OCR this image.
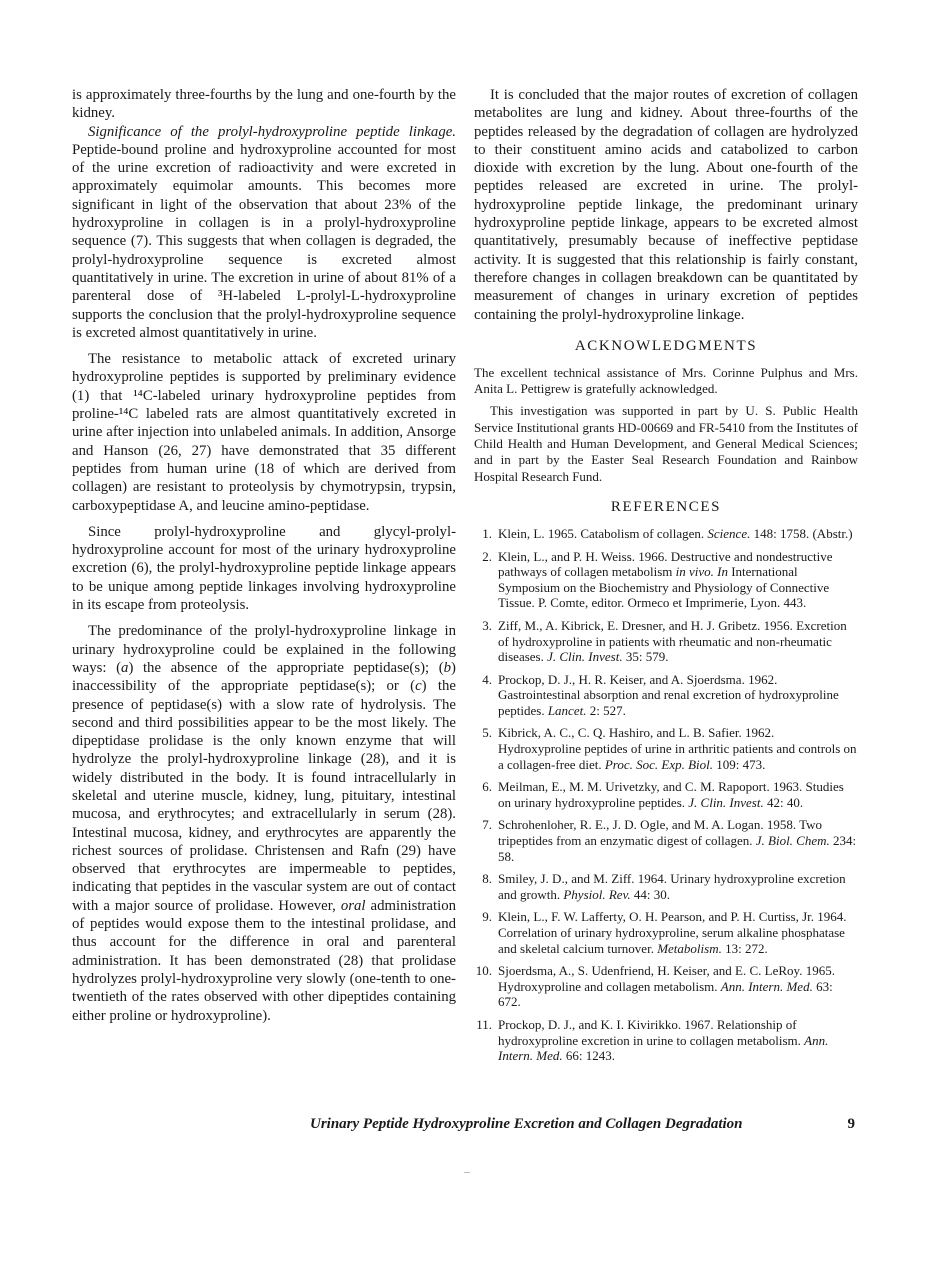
is approximately three-fourths by the lung and one-fourth by the kidney.

Significance of the prolyl-hydroxyproline peptide linkage. Peptide-bound proline and hydroxyproline accounted for most of the urine excretion of radioactivity and were excreted in approximately equimolar amounts. This becomes more significant in light of the observation that about 23% of the hydroxyproline in collagen is in a prolyl-hydroxyproline sequence (7). This suggests that when collagen is degraded, the prolyl-hydroxyproline sequence is excreted almost quantitatively in urine. The excretion in urine of about 81% of a parenteral dose of ³H-labeled L-prolyl-L-hydroxyproline supports the conclusion that the prolyl-hydroxyproline sequence is excreted almost quantitatively in urine.

The resistance to metabolic attack of excreted urinary hydroxyproline peptides is supported by preliminary evidence (1) that ¹⁴C-labeled urinary hydroxyproline peptides from proline-¹⁴C labeled rats are almost quantitatively excreted in urine after injection into unlabeled animals. In addition, Ansorge and Hanson (26, 27) have demonstrated that 35 different peptides from human urine (18 of which are derived from collagen) are resistant to proteolysis by chymotrypsin, trypsin, carboxypeptidase A, and leucine amino-peptidase.

Since prolyl-hydroxyproline and glycyl-prolyl-hydroxyproline account for most of the urinary hydroxyproline excretion (6), the prolyl-hydroxyproline peptide linkage appears to be unique among peptide linkages involving hydroxyproline in its escape from proteolysis.

The predominance of the prolyl-hydroxyproline linkage in urinary hydroxyproline could be explained in the following ways: (a) the absence of the appropriate peptidase(s); (b) inaccessibility of the appropriate peptidase(s); or (c) the presence of peptidase(s) with a slow rate of hydrolysis. The second and third possibilities appear to be the most likely. The dipeptidase prolidase is the only known enzyme that will hydrolyze the prolyl-hydroxyproline linkage (28), and it is widely distributed in the body. It is found intracellularly in skeletal and uterine muscle, kidney, lung, pituitary, intestinal mucosa, and erythrocytes; and extracellularly in serum (28). Intestinal mucosa, kidney, and erythrocytes are apparently the richest sources of prolidase. Christensen and Rafn (29) have observed that erythrocytes are impermeable to peptides, indicating that peptides in the vascular system are out of contact with a major source of prolidase. However, oral administration of peptides would expose them to the intestinal prolidase, and thus account for the difference in oral and parenteral administration. It has been demonstrated (28) that prolidase hydrolyzes prolyl-hydroxyproline very slowly (one-tenth to one-twentieth of the rates observed with other dipeptides containing either proline or hydroxyproline).

It is concluded that the major routes of excretion of collagen metabolites are lung and kidney. About three-fourths of the peptides released by the degradation of collagen are hydrolyzed to their constituent amino acids and catabolized to carbon dioxide with excretion by the lung. About one-fourth of the peptides released are excreted in urine. The prolyl-hydroxyproline peptide linkage, the predominant urinary hydroxyproline peptide linkage, appears to be excreted almost quantitatively, presumably because of ineffective peptidase activity. It is suggested that this relationship is fairly constant, therefore changes in collagen breakdown can be quantitated by measurement of changes in urinary excretion of peptides containing the prolyl-hydroxyproline linkage.

ACKNOWLEDGMENTS

The excellent technical assistance of Mrs. Corinne Pulphus and Mrs. Anita L. Pettigrew is gratefully acknowledged.

This investigation was supported in part by U. S. Public Health Service Institutional grants HD-00669 and FR-5410 from the Institutes of Child Health and Human Development, and General Medical Sciences; and in part by the Easter Seal Research Foundation and Rainbow Hospital Research Fund.

REFERENCES
1. Klein, L. 1965. Catabolism of collagen. Science. 148: 1758. (Abstr.)
2. Klein, L., and P. H. Weiss. 1966. Destructive and nondestructive pathways of collagen metabolism in vivo. In International Symposium on the Biochemistry and Physiology of Connective Tissue. P. Comte, editor. Ormeco et Imprimerie, Lyon. 443.
3. Ziff, M., A. Kibrick, E. Dresner, and H. J. Gribetz. 1956. Excretion of hydroxyproline in patients with rheumatic and non-rheumatic diseases. J. Clin. Invest. 35: 579.
4. Prockop, D. J., H. R. Keiser, and A. Sjoerdsma. 1962. Gastrointestinal absorption and renal excretion of hydroxyproline peptides. Lancet. 2: 527.
5. Kibrick, A. C., C. Q. Hashiro, and L. B. Safier. 1962. Hydroxyproline peptides of urine in arthritic patients and controls on a collagen-free diet. Proc. Soc. Exp. Biol. 109: 473.
6. Meilman, E., M. M. Urivetzky, and C. M. Rapoport. 1963. Studies on urinary hydroxyproline peptides. J. Clin. Invest. 42: 40.
7. Schrohenloher, R. E., J. D. Ogle, and M. A. Logan. 1958. Two tripeptides from an enzymatic digest of collagen. J. Biol. Chem. 234: 58.
8. Smiley, J. D., and M. Ziff. 1964. Urinary hydroxyproline excretion and growth. Physiol. Rev. 44: 30.
9. Klein, L., F. W. Lafferty, O. H. Pearson, and P. H. Curtiss, Jr. 1964. Correlation of urinary hydroxyproline, serum alkaline phosphatase and skeletal calcium turnover. Metabolism. 13: 272.
10. Sjoerdsma, A., S. Udenfriend, H. Keiser, and E. C. LeRoy. 1965. Hydroxyproline and collagen metabolism. Ann. Intern. Med. 63: 672.
11. Prockop, D. J., and K. I. Kivirikko. 1967. Relationship of hydroxyproline excretion in urine to collagen metabolism. Ann. Intern. Med. 66: 1243.
Urinary Peptide Hydroxyproline Excretion and Collagen Degradation	9
